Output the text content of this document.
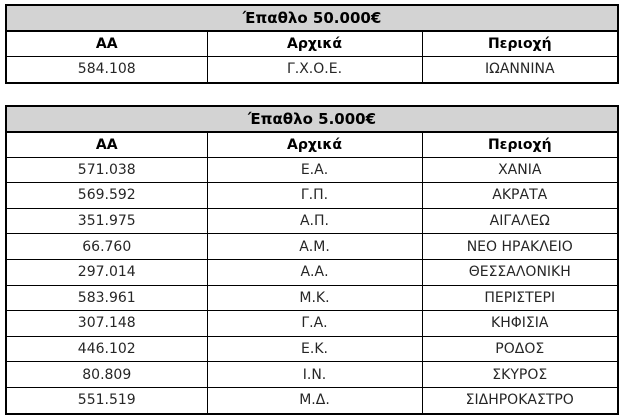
Έπαθλο 50.000€		
ΑΑ	Αρχικά	Περιοχή
584.108	Γ.Χ.Ο.Ε.	ΙΩΑΝΝΙΝΑ
Έπαθλο 5.000€		
ΑΑ	Αρχικά	Περιοχή
571.038	Ε.Α.	ΧΑΝΙΑ
569.592	Γ.Π.	ΑΚΡΑΤΑ
351.975	Α.Π.	ΑΙΓΑΛΕΩ
66.760	Α.Μ.	ΝΕΟ ΗΡΑΚΛΕΙΟ
297.014	Α.Α.	ΘΕΣΣΑΛΟΝΙΚΗ
583.961	Μ.Κ.	ΠΕΡΙΣΤΕΡΙ
307.148	Γ.Α.	ΚΗΦΙΣΙΑ
446.102	Ε.Κ.	ΡΟΔΟΣ
80.809	Ι.Ν.	ΣΚΥΡΟΣ
551.519	Μ.Δ.	ΣΙΔΗΡΟΚΑΣΤΡΟ
